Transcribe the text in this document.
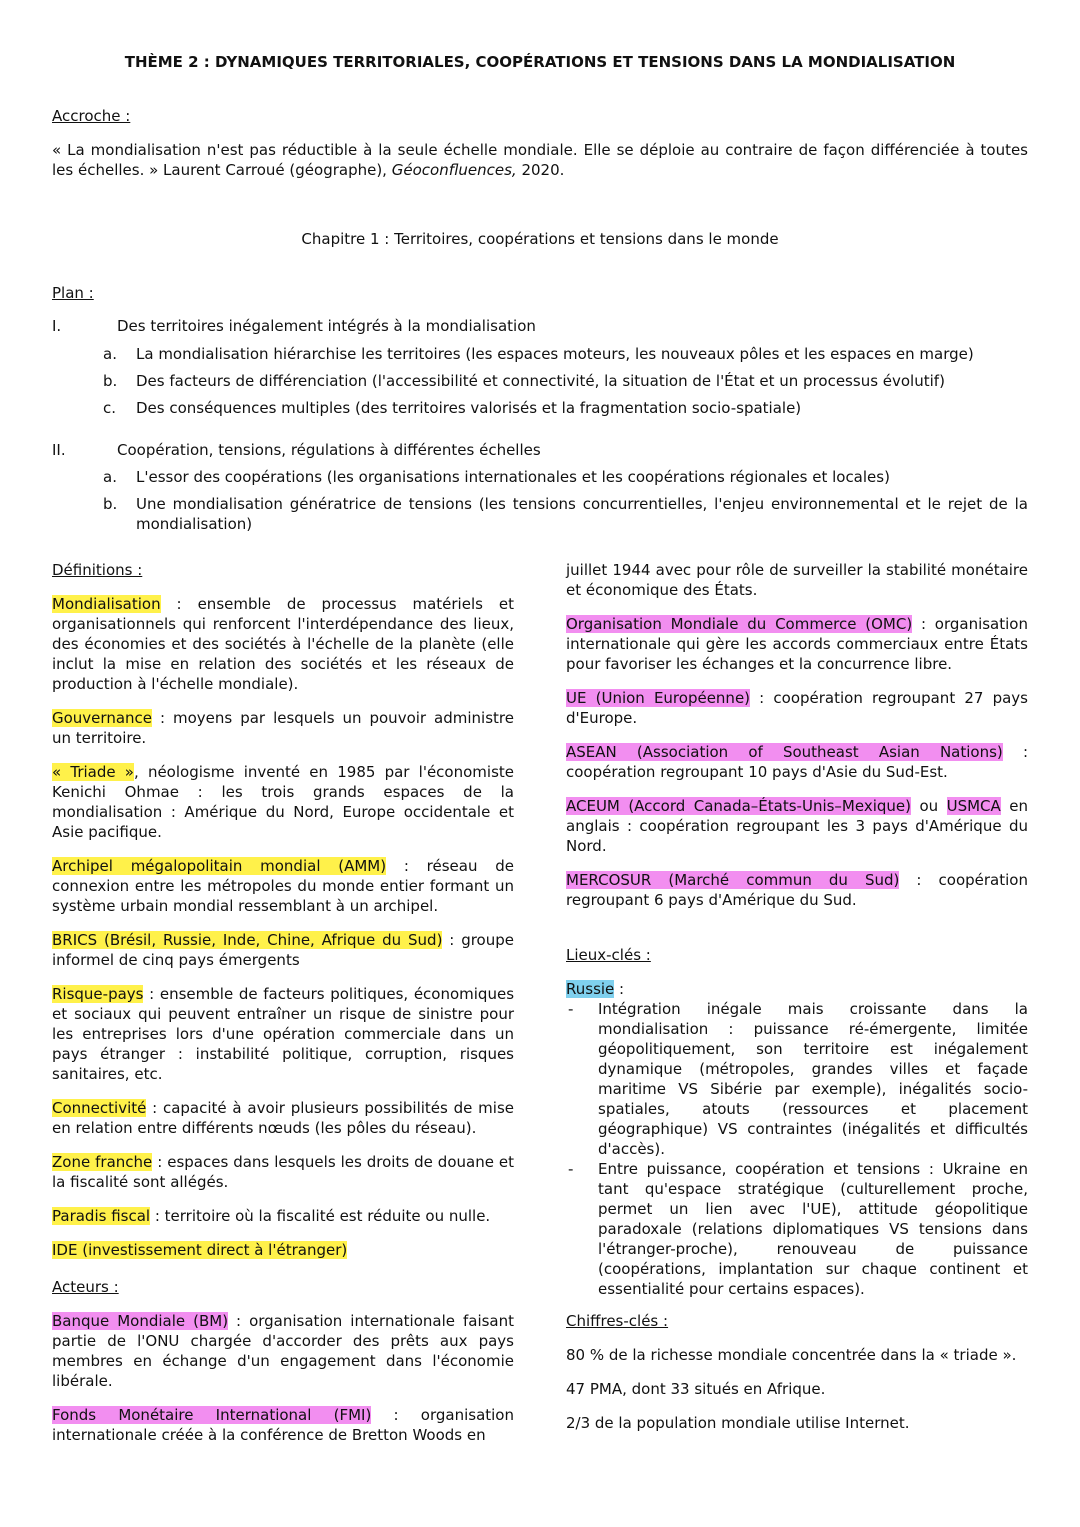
THÈME 2 : DYNAMIQUES TERRITORIALES, COOPÉRATIONS ET TENSIONS DANS LA MONDIALISATION
Accroche :
« La mondialisation n'est pas réductible à la seule échelle mondiale. Elle se déploie au contraire de façon différenciée à toutes les échelles. » Laurent Carroué (géographe), Géoconfluences, 2020.
Chapitre 1 : Territoires, coopérations et tensions dans le monde
Plan :
I.	Des territoires inégalement intégrés à la mondialisation
a. La mondialisation hiérarchise les territoires (les espaces moteurs, les nouveaux pôles et les espaces en marge)
b. Des facteurs de différenciation (l'accessibilité et connectivité, la situation de l'État et un processus évolutif)
c. Des conséquences multiples (des territoires valorisés et la fragmentation socio-spatiale)
II.	Coopération, tensions, régulations à différentes échelles
a. L'essor des coopérations (les organisations internationales et les coopérations régionales et locales)
b. Une mondialisation génératrice de tensions (les tensions concurrentielles, l'enjeu environnemental et le rejet de la mondialisation)

Définitions :

Mondialisation : ensemble de processus matériels et organisationnels qui renforcent l'interdépendance des lieux, des économies et des sociétés à l'échelle de la planète (elle inclut la mise en relation des sociétés et les réseaux de production à l'échelle mondiale).

Gouvernance : moyens par lesquels un pouvoir administre un territoire.

« Triade », néologisme inventé en 1985 par l'économiste Kenichi Ohmae : les trois grands espaces de la mondialisation : Amérique du Nord, Europe occidentale et Asie pacifique.

Archipel mégalopolitain mondial (AMM) : réseau de connexion entre les métropoles du monde entier formant un système urbain mondial ressemblant à un archipel.

BRICS (Brésil, Russie, Inde, Chine, Afrique du Sud) : groupe informel de cinq pays émergents

Risque-pays : ensemble de facteurs politiques, économiques et sociaux qui peuvent entraîner un risque de sinistre pour les entreprises lors d'une opération commerciale dans un pays étranger : instabilité politique, corruption, risques sanitaires, etc.

Connectivité : capacité à avoir plusieurs possibilités de mise en relation entre différents nœuds (les pôles du réseau).

Zone franche : espaces dans lesquels les droits de douane et la fiscalité sont allégés.

Paradis fiscal : territoire où la fiscalité est réduite ou nulle.

IDE (investissement direct à l'étranger)

Acteurs :

Banque Mondiale (BM) : organisation internationale faisant partie de l'ONU chargée d'accorder des prêts aux pays membres en échange d'un engagement dans l'économie libérale.

Fonds Monétaire International (FMI) : organisation internationale créée à la conférence de Bretton Woods en

juillet 1944 avec pour rôle de surveiller la stabilité monétaire et économique des États.

Organisation Mondiale du Commerce (OMC) : organisation internationale qui gère les accords commerciaux entre États pour favoriser les échanges et la concurrence libre.

UE (Union Européenne) : coopération regroupant 27 pays d'Europe.

ASEAN (Association of Southeast Asian Nations) : coopération regroupant 10 pays d'Asie du Sud-Est.

ACEUM (Accord Canada–États-Unis–Mexique) ou USMCA en anglais : coopération regroupant les 3 pays d'Amérique du Nord.

MERCOSUR (Marché commun du Sud) : coopération regroupant 6 pays d'Amérique du Sud.

Lieux-clés :

Russie :

- Intégration inégale mais croissante dans la mondialisation : puissance ré-émergente, limitée géopolitiquement, son territoire est inégalement dynamique (métropoles, grandes villes et façade maritime VS Sibérie par exemple), inégalités socio-spatiales, atouts (ressources et placement géographique) VS contraintes (inégalités et difficultés d'accès).
- Entre puissance, coopération et tensions : Ukraine en tant qu'espace stratégique (culturellement proche, permet un lien avec l'UE), attitude géopolitique paradoxale (relations diplomatiques VS tensions dans l'étranger-proche), renouveau de puissance (coopérations, implantation sur chaque continent et essentialité pour certains espaces).

Chiffres-clés :

80 % de la richesse mondiale concentrée dans la « triade ».

47 PMA, dont 33 situés en Afrique.

2/3 de la population mondiale utilise Internet.
